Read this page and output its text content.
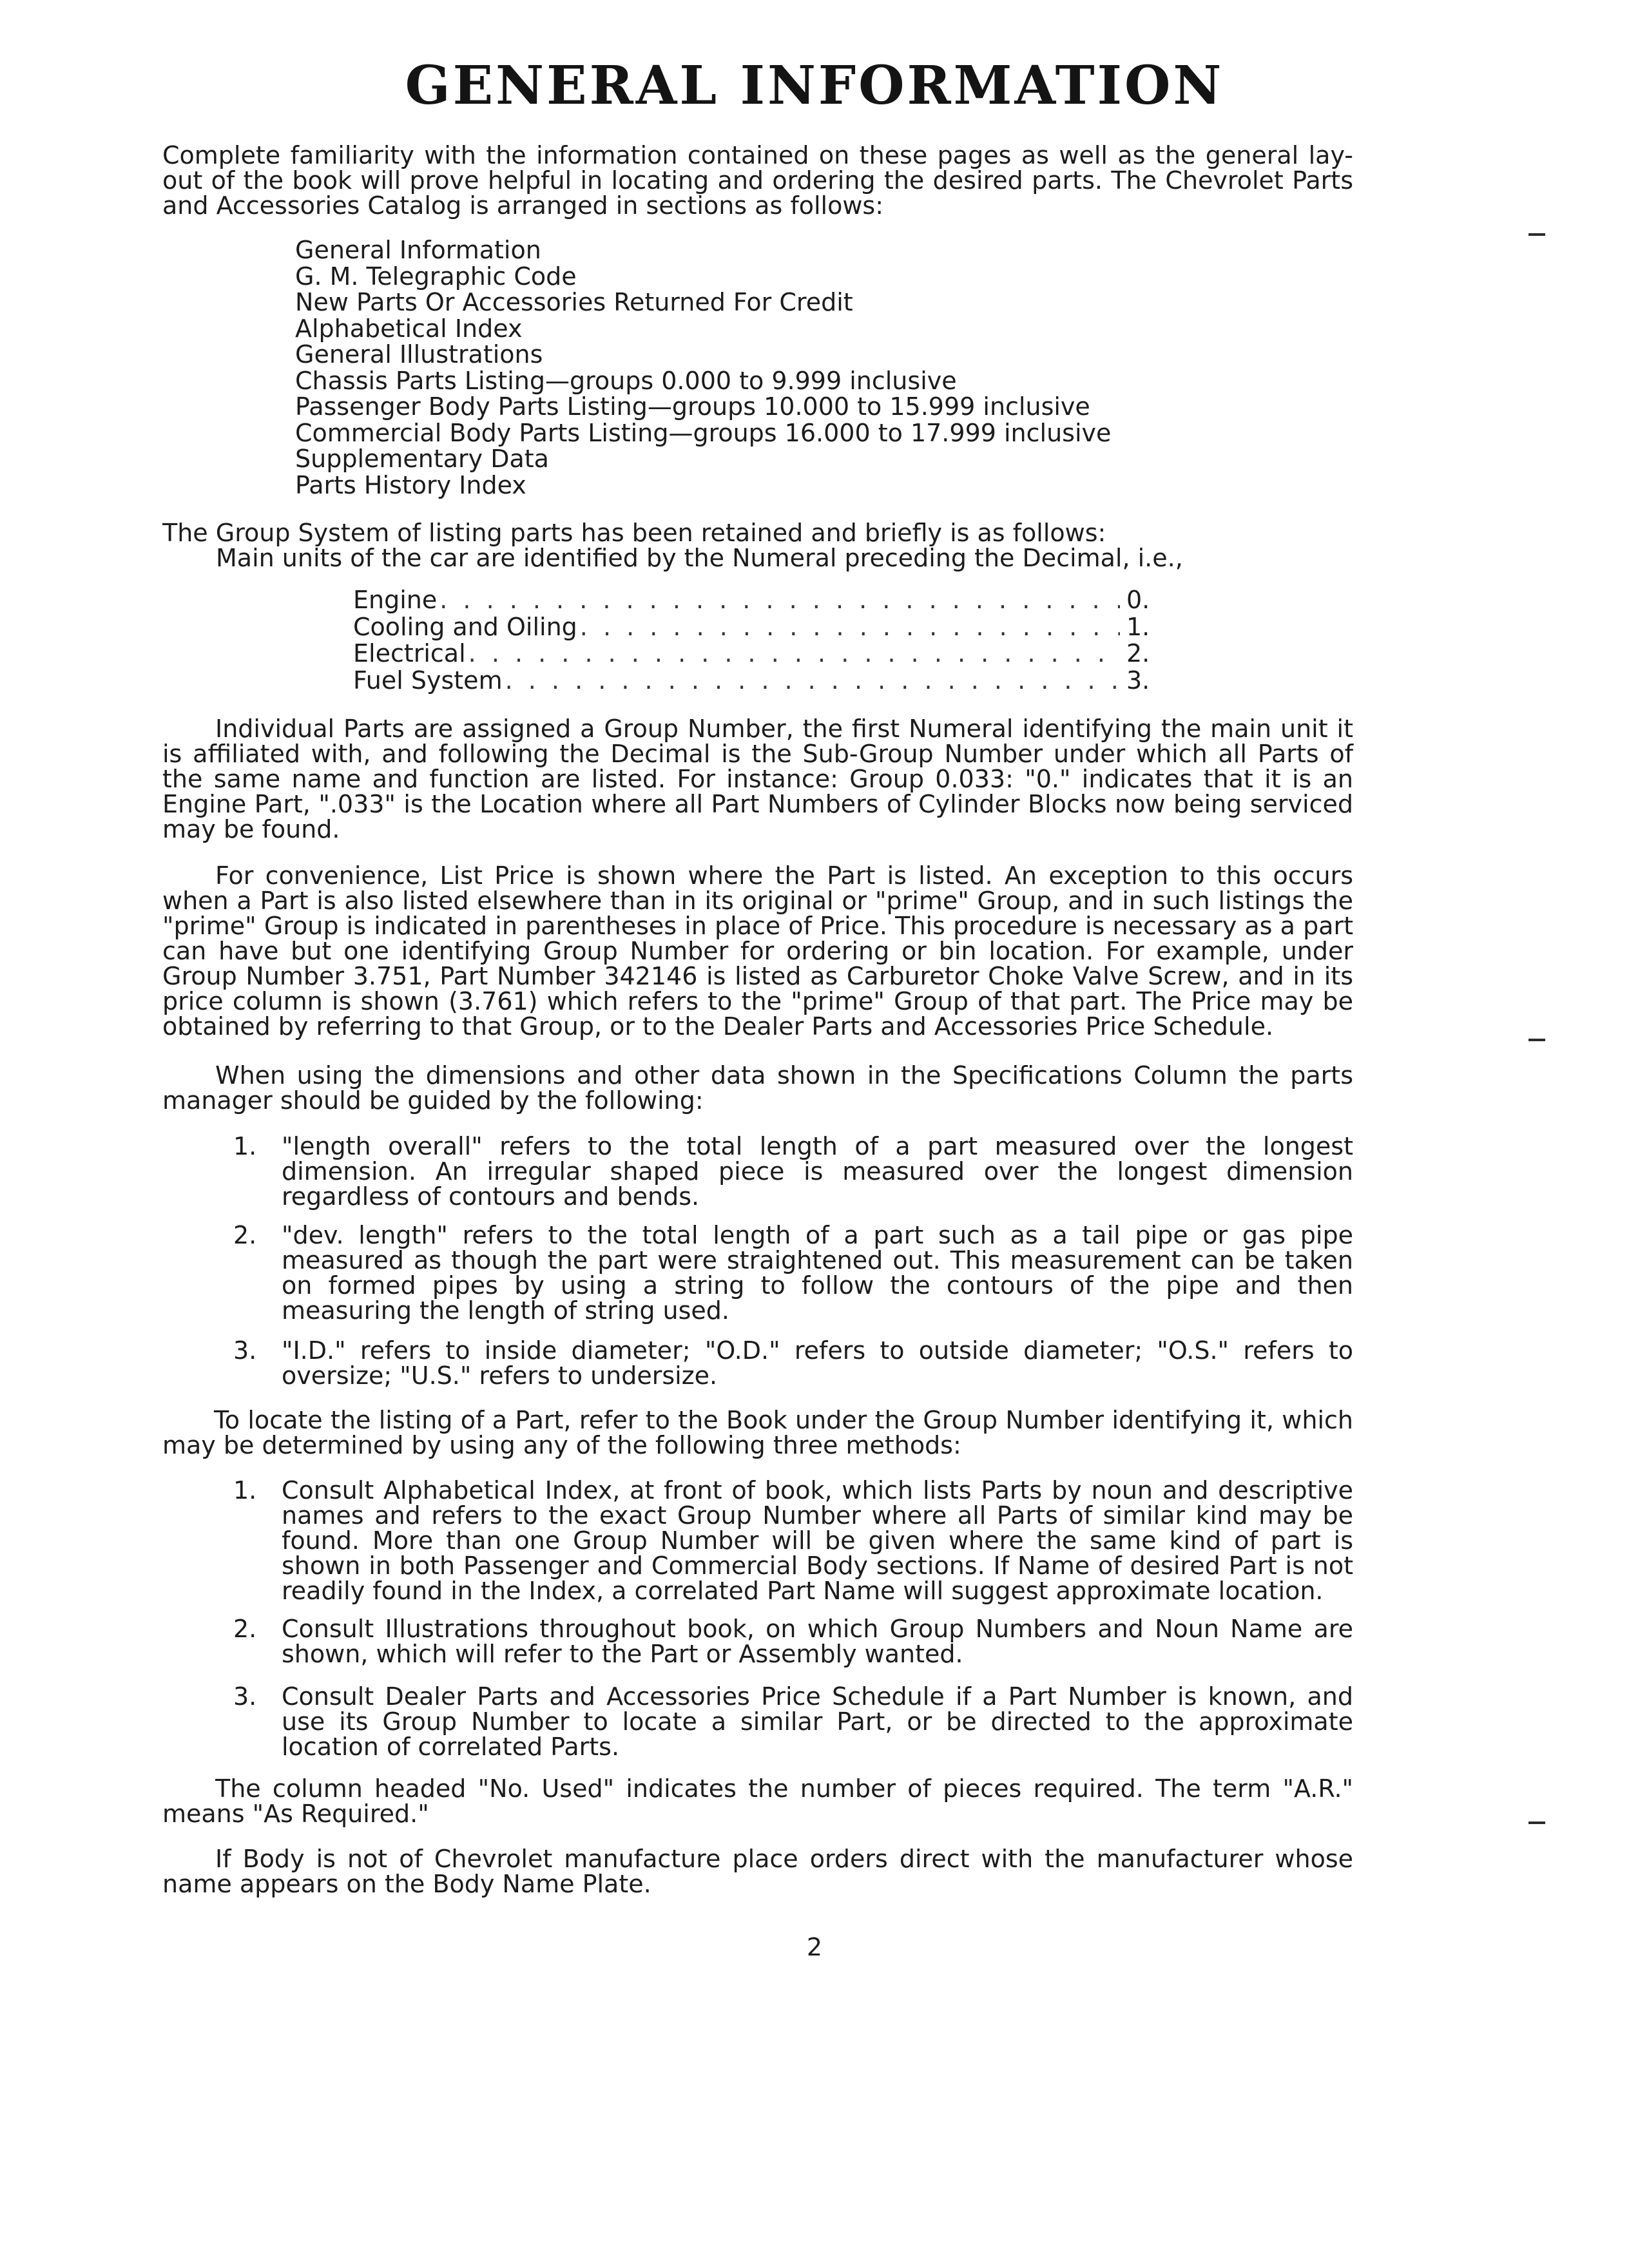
GENERAL INFORMATION

Complete familiarity with the information contained on these pages as well as the general lay-out of the book will prove helpful in locating and ordering the desired parts. The Chevrolet Parts and Accessories Catalog is arranged in sections as follows:

General Information
G. M. Telegraphic Code
New Parts Or Accessories Returned For Credit
Alphabetical Index
General Illustrations
Chassis Parts Listing—groups 0.000 to 9.999 inclusive
Passenger Body Parts Listing—groups 10.000 to 15.999 inclusive
Commercial Body Parts Listing—groups 16.000 to 17.999 inclusive
Supplementary Data
Parts History Index

The Group System of listing parts has been retained and briefly is as follows:

Main units of the car are identified by the Numeral preceding the Decimal, i.e.,
Engine . . .	0.
Cooling and Oiling . . .	1.
Electrical . . .	2.
Fuel System . . .	3.

Individual Parts are assigned a Group Number, the first Numeral identifying the main unit it is affiliated with, and following the Decimal is the Sub-Group Number under which all Parts of the same name and function are listed. For instance: Group 0.033: "0." indicates that it is an Engine Part, ".033" is the Location where all Part Numbers of Cylinder Blocks now being serviced may be found.

For convenience, List Price is shown where the Part is listed. An exception to this occurs when a Part is also listed elsewhere than in its original or "prime" Group, and in such listings the "prime" Group is indicated in parentheses in place of Price. This procedure is necessary as a part can have but one identifying Group Number for ordering or bin location. For example, under Group Number 3.751, Part Number 342146 is listed as Carburetor Choke Valve Screw, and in its price column is shown (3.761) which refers to the "prime" Group of that part. The Price may be obtained by referring to that Group, or to the Dealer Parts and Accessories Price Schedule.

When using the dimensions and other data shown in the Specifications Column the parts manager should be guided by the following:

1. "length overall" refers to the total length of a part measured over the longest dimension. An irregular shaped piece is measured over the longest dimension regardless of contours and bends.
2. "dev. length" refers to the total length of a part such as a tail pipe or gas pipe measured as though the part were straightened out. This measurement can be taken on formed pipes by using a string to follow the contours of the pipe and then measuring the length of string used.
3. "I.D." refers to inside diameter; "O.D." refers to outside diameter; "O.S." refers to oversize; "U.S." refers to undersize.

To locate the listing of a Part, refer to the Book under the Group Number identifying it, which may be determined by using any of the following three methods:

1. Consult Alphabetical Index, at front of book, which lists Parts by noun and descriptive names and refers to the exact Group Number where all Parts of similar kind may be found. More than one Group Number will be given where the same kind of part is shown in both Passenger and Commercial Body sections. If Name of desired Part is not readily found in the Index, a correlated Part Name will suggest approximate location.
2. Consult Illustrations throughout book, on which Group Numbers and Noun Name are shown, which will refer to the Part or Assembly wanted.
3. Consult Dealer Parts and Accessories Price Schedule if a Part Number is known, and use its Group Number to locate a similar Part, or be directed to the approximate location of correlated Parts.

The column headed "No. Used" indicates the number of pieces required. The term "A.R." means "As Required."

If Body is not of Chevrolet manufacture place orders direct with the manufacturer whose name appears on the Body Name Plate.

2
